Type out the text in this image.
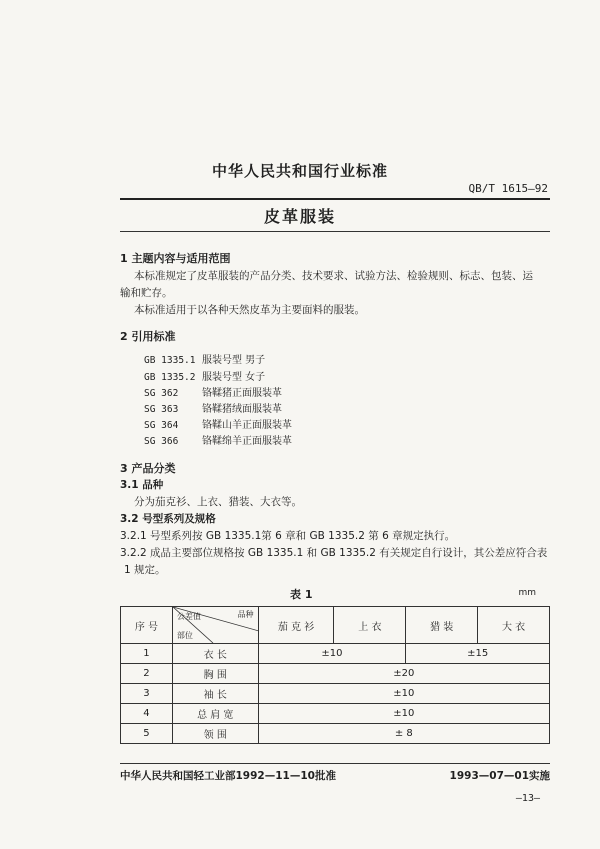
中华人民共和国行业标准
QB/T 1615—92
皮革服装
1 主题内容与适用范围
本标准规定了皮革服装的产品分类、技术要求、试验方法、检验规则、标志、包装、运
输和贮存。
本标准适用于以各种天然皮革为主要面料的服装。
2 引用标准
GB 1335.1 服装号型 男子
GB 1335.2 服装号型 女子
SG 362 铬鞣猪正面服装革
SG 363 铬鞣猪绒面服装革
SG 364 铬鞣山羊正面服装革
SG 366 铬鞣绵羊正面服装革
3 产品分类
3.1 品种
分为茄克衫、上衣、猎装、大衣等。
3.2 号型系列及规格
3.2.1 号型系列按 GB 1335.1第 6 章和 GB 1335.2 第 6 章规定执行。
3.2.2 成品主要部位规格按 GB 1335.1 和 GB 1335.2 有关规定自行设计，其公差应符合表
1 规定。
表 1	mm
序 号	公差值 品种
部位	茄 克 衫	上 衣	猎 装	大 衣
1	衣 长	±10		±15	
2	胸 围	±20			
3	袖 长	±10			
4	总 肩 宽	±10			
5	领 围	± 8			
中华人民共和国轻工业部1992—11—10批准	1993—07—01实施
—13—
